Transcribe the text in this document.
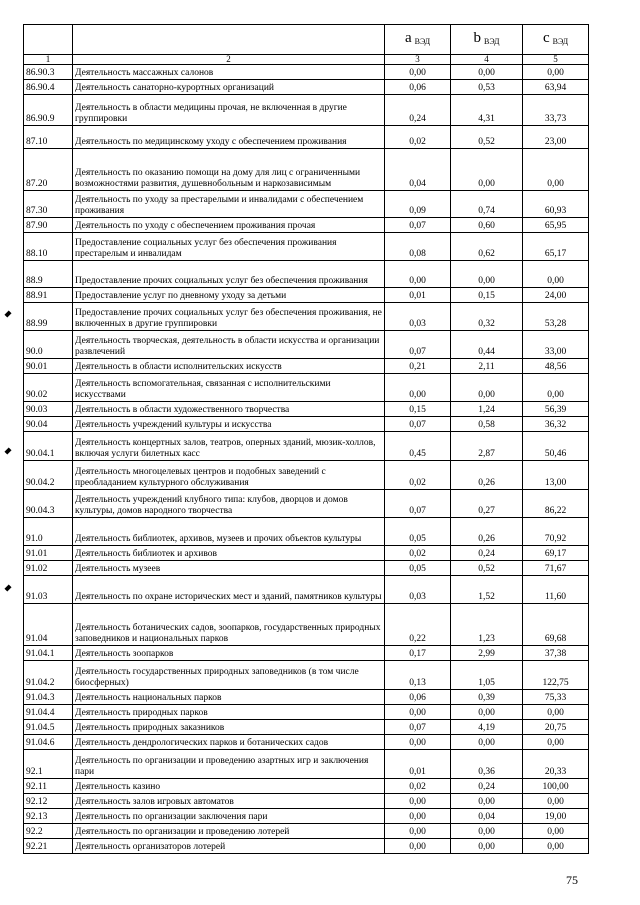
		a $_{ВЭД}$	b $_{ВЭД}$	c $_{ВЭД}$
1	2	3	4	5
86.90.3	Деятельность массажных салонов	0,00	0,00	0,00
86.90.4	Деятельность санаторно-курортных организаций	0,06	0,53	63,94
86.90.9	Деятельность в области медицины прочая, не включенная в другие группировки	0,24	4,31	33,73
87.10	Деятельность по медицинскому уходу с обеспечением проживания	0,02	0,52	23,00
87.20	Деятельность по оказанию помощи на дому для лиц с ограниченными возможностями развития, душевнобольным и наркозависимым	0,04	0,00	0,00
87.30	Деятельность по уходу за престарелыми и инвалидами с обеспечением проживания	0,09	0,74	60,93
87.90	Деятельность по уходу с обеспечением проживания прочая	0,07	0,60	65,95
88.10	Предоставление социальных услуг без обеспечения проживания престарелым и инвалидам	0,08	0,62	65,17
88.9	Предоставление прочих социальных услуг без обеспечения проживания	0,00	0,00	0,00
88.91	Предоставление услуг по дневному уходу за детьми	0,01	0,15	24,00
88.99	Предоставление прочих социальных услуг без обеспечения проживания, не включенных в другие группировки	0,03	0,32	53,28
90.0	Деятельность творческая, деятельность в области искусства и организации развлечений	0,07	0,44	33,00
90.01	Деятельность в области исполнительских искусств	0,21	2,11	48,56
90.02	Деятельность вспомогательная, связанная с исполнительскими искусствами	0,00	0,00	0,00
90.03	Деятельность в области художественного творчества	0,15	1,24	56,39
90.04	Деятельность учреждений культуры и искусства	0,07	0,58	36,32
90.04.1	Деятельность концертных залов, театров, оперных зданий, мюзик-холлов, включая услуги билетных касс	0,45	2,87	50,46
90.04.2	Деятельность многоцелевых центров и подобных заведений с преобладанием культурного обслуживания	0,02	0,26	13,00
90.04.3	Деятельность учреждений клубного типа: клубов, дворцов и домов культуры, домов народного творчества	0,07	0,27	86,22
91.0	Деятельность библиотек, архивов, музеев и прочих объектов культуры	0,05	0,26	70,92
91.01	Деятельность библиотек и архивов	0,02	0,24	69,17
91.02	Деятельность музеев	0,05	0,52	71,67
91.03	Деятельность по охране исторических мест и зданий, памятников культуры	0,03	1,52	11,60
91.04	Деятельность ботанических садов, зоопарков, государственных природных заповедников и национальных парков	0,22	1,23	69,68
91.04.1	Деятельность зоопарков	0,17	2,99	37,38
91.04.2	Деятельность государственных природных заповедников (в том числе биосферных)	0,13	1,05	122,75
91.04.3	Деятельность национальных парков	0,06	0,39	75,33
91.04.4	Деятельность природных парков	0,00	0,00	0,00
91.04.5	Деятельность природных заказников	0,07	4,19	20,75
91.04.6	Деятельность дендрологических парков и ботанических садов	0,00	0,00	0,00
92.1	Деятельность по организации и проведению азартных игр и заключения пари	0,01	0,36	20,33
92.11	Деятельность казино	0,02	0,24	100,00
92.12	Деятельность залов игровых автоматов	0,00	0,00	0,00
92.13	Деятельность по организации заключения пари	0,00	0,04	19,00
92.2	Деятельность по организации и проведению лотерей	0,00	0,00	0,00
92.21	Деятельность организаторов лотерей	0,00	0,00	0,00
75
